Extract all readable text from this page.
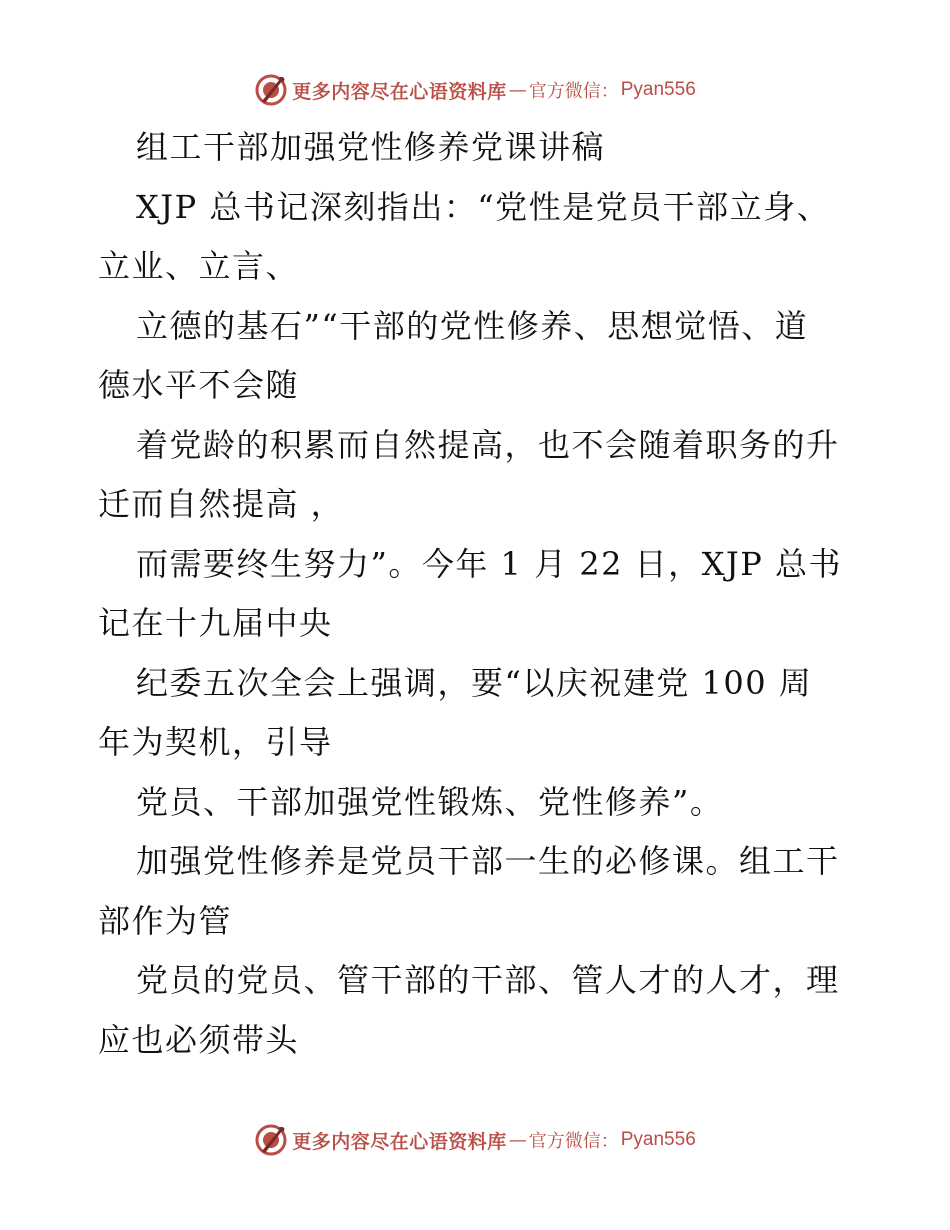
更多内容尽在心语资料库 — 官方微信： Pyan556
组工干部加强党性修养党课讲稿
XJP 总书记深刻指出：“党性是党员干部立身、
立业、立言、
立德的基石”“干部的党性修养、思想觉悟、道
德水平不会随
着党龄的积累而自然提高，也不会随着职务的升
迁而自然提高 ，
而需要终生努力”。今年 1 月 22 日，XJP 总书
记在十九届中央
纪委五次全会上强调，要“以庆祝建党 100 周
年为契机，引导
党员、干部加强党性锻炼、党性修养”。
加强党性修养是党员干部一生的必修课。组工干
部作为管
党员的党员、管干部的干部、管人才的人才，理
应也必须带头
更多内容尽在心语资料库 — 官方微信： Pyan556
